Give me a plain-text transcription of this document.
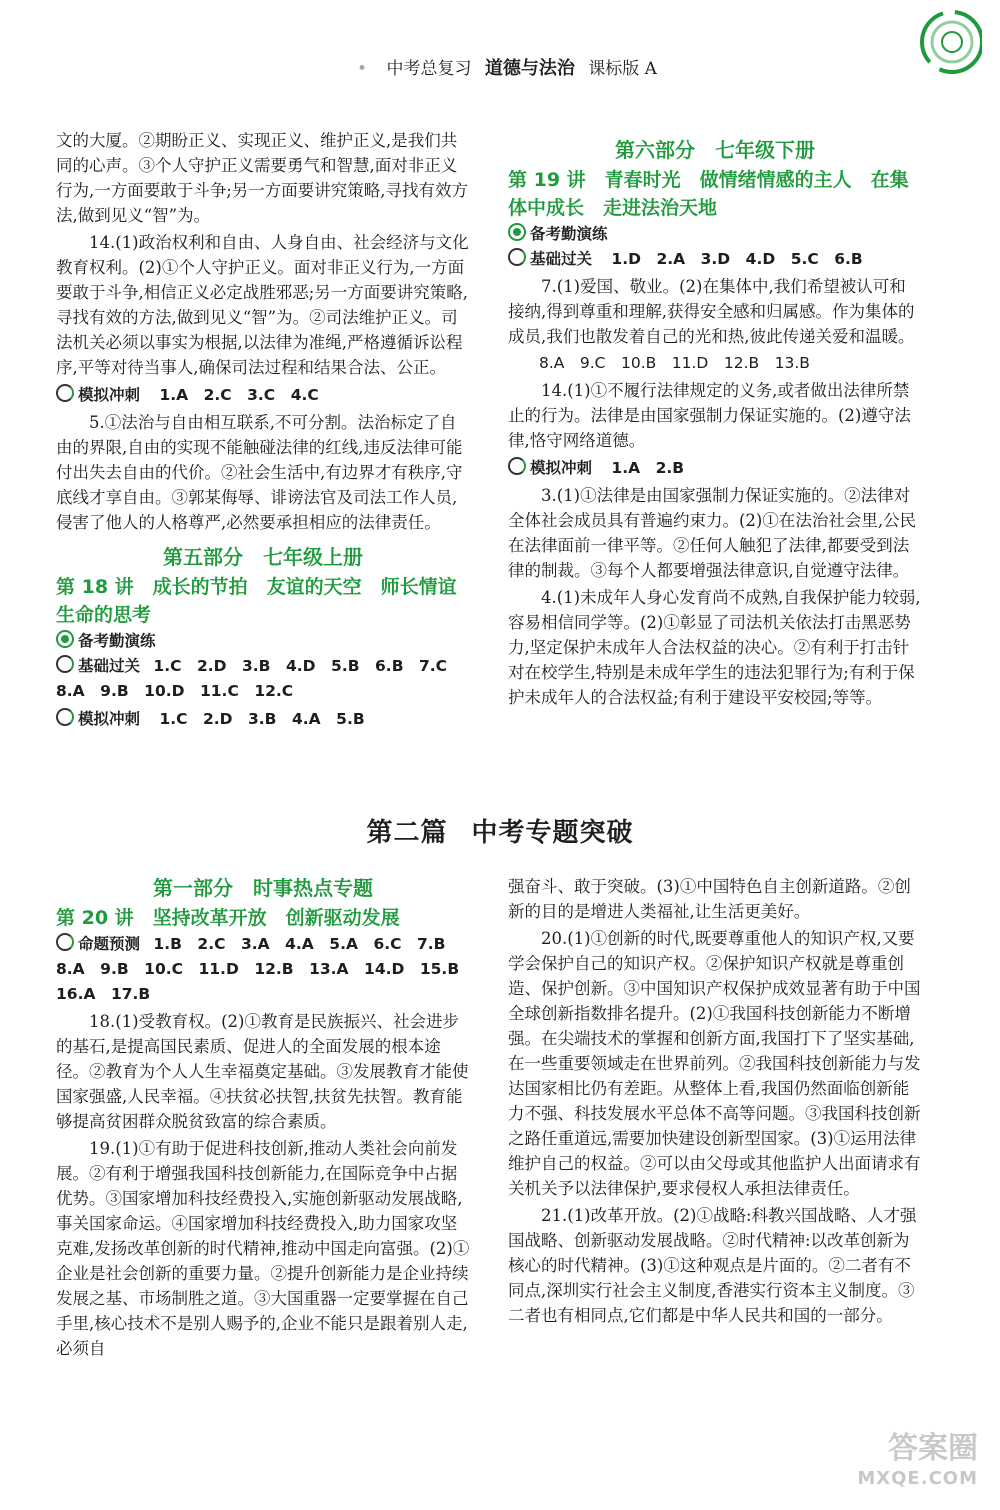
• 中考总复习 道德与法治 课标版 A

文的大厦。②期盼正义、实现正义、维护正义,是我们共同的心声。③个人守护正义需要勇气和智慧,面对非正义行为,一方面要敢于斗争;另一方面要讲究策略,寻找有效方法,做到见义“智”为。

14.(1)政治权利和自由、人身自由、社会经济与文化教育权利。(2)①个人守护正义。面对非正义行为,一方面要敢于斗争,相信正义必定战胜邪恶;另一方面要讲究策略,寻找有效的方法,做到见义“智”为。②司法维护正义。司法机关必须以事实为根据,以法律为准绳,严格遵循诉讼程序,平等对待当事人,确保司法过程和结果合法、公正。

模拟冲刺 1.A　2.C　3.C　4.C

5.①法治与自由相互联系,不可分割。法治标定了自由的界限,自由的实现不能触碰法律的红线,违反法律可能付出失去自由的代价。②社会生活中,有边界才有秩序,守底线才享自由。③郭某侮辱、诽谤法官及司法工作人员,侵害了他人的人格尊严,必然要承担相应的法律责任。

第五部分　七年级上册
第 18 讲　成长的节拍　友谊的天空　师长情谊　生命的思考
备考勤演练
基础过关 1.C　2.D　3.B　4.D　5.B　6.B　7.C　8.A　9.B　10.D　11.C　12.C
模拟冲刺 1.C　2.D　3.B　4.A　5.B
第六部分　七年级下册
第 19 讲　青春时光　做情绪情感的主人　在集体中成长　走进法治天地
备考勤演练
基础过关 1.D　2.A　3.D　4.D　5.C　6.B

7.(1)爱国、敬业。(2)在集体中,我们希望被认可和接纳,得到尊重和理解,获得安全感和归属感。作为集体的成员,我们也散发着自己的光和热,彼此传递关爱和温暖。

8.A　9.C　10.B　11.D　12.B　13.B

14.(1)①不履行法律规定的义务,或者做出法律所禁止的行为。法律是由国家强制力保证实施的。(2)遵守法律,恪守网络道德。

模拟冲刺 1.A　2.B

3.(1)①法律是由国家强制力保证实施的。②法律对全体社会成员具有普遍约束力。(2)①在法治社会里,公民在法律面前一律平等。②任何人触犯了法律,都要受到法律的制裁。③每个人都要增强法律意识,自觉遵守法律。

4.(1)未成年人身心发育尚不成熟,自我保护能力较弱,容易相信同学等。(2)①彰显了司法机关依法打击黑恶势力,坚定保护未成年人合法权益的决心。②有利于打击针对在校学生,特别是未成年学生的违法犯罪行为;有利于保护未成年人的合法权益;有利于建设平安校园;等等。

第二篇 中考专题突破
第一部分　时事热点专题
第 20 讲　坚持改革开放　创新驱动发展
命题预测 1.B　2.C　3.A　4.A　5.A　6.C　7.B　8.A　9.B　10.C　11.D　12.B　13.A　14.D　15.B　16.A　17.B

18.(1)受教育权。(2)①教育是民族振兴、社会进步的基石,是提高国民素质、促进人的全面发展的根本途径。②教育为个人人生幸福奠定基础。③发展教育才能使国家强盛,人民幸福。④扶贫必扶智,扶贫先扶智。教育能够提高贫困群众脱贫致富的综合素质。

19.(1)①有助于促进科技创新,推动人类社会向前发展。②有利于增强我国科技创新能力,在国际竞争中占据优势。③国家增加科技经费投入,实施创新驱动发展战略,事关国家命运。④国家增加科技经费投入,助力国家攻坚克难,发扬改革创新的时代精神,推动中国走向富强。(2)①企业是社会创新的重要力量。②提升创新能力是企业持续发展之基、市场制胜之道。③大国重器一定要掌握在自己手里,核心技术不是别人赐予的,企业不能只是跟着别人走,必须自

强奋斗、敢于突破。(3)①中国特色自主创新道路。②创新的目的是增进人类福祉,让生活更美好。

20.(1)①创新的时代,既要尊重他人的知识产权,又要学会保护自己的知识产权。②保护知识产权就是尊重创造、保护创新。③中国知识产权保护成效显著有助于中国全球创新指数排名提升。(2)①我国科技创新能力不断增强。在尖端技术的掌握和创新方面,我国打下了坚实基础,在一些重要领域走在世界前列。②我国科技创新能力与发达国家相比仍有差距。从整体上看,我国仍然面临创新能力不强、科技发展水平总体不高等问题。③我国科技创新之路任重道远,需要加快建设创新型国家。(3)①运用法律维护自己的权益。②可以由父母或其他监护人出面请求有关机关予以法律保护,要求侵权人承担法律责任。

21.(1)改革开放。(2)①战略:科教兴国战略、人才强国战略、创新驱动发展战略。②时代精神:以改革创新为核心的时代精神。(3)①这种观点是片面的。②二者有不同点,深圳实行社会主义制度,香港实行资本主义制度。③二者也有相同点,它们都是中华人民共和国的一部分。

答案圈
MXQE.COM
